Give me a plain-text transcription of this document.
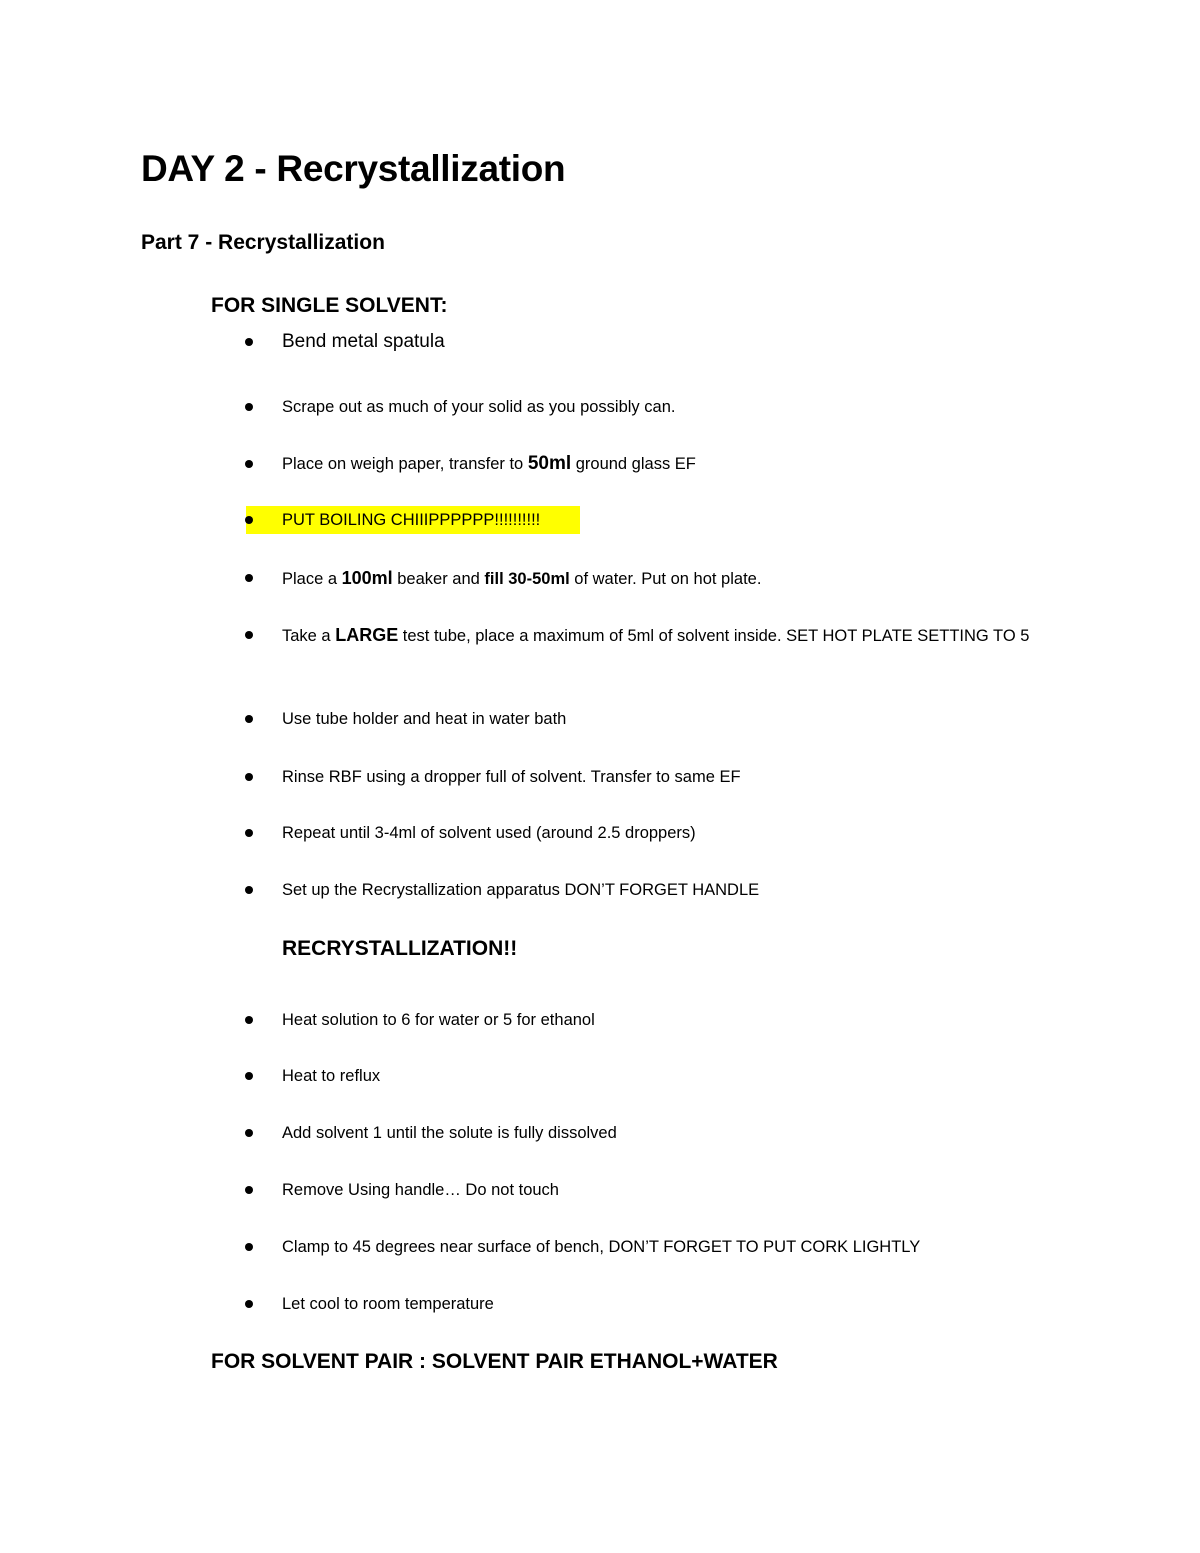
DAY 2 - Recrystallization
Part 7 - Recrystallization
FOR SINGLE SOLVENT:
Bend metal spatula
Scrape out as much of your solid as you possibly can.
Place on weigh paper, transfer to 50ml ground glass EF
PUT BOILING CHIIIPPPPPP!!!!!!!!!!
Place a 100ml beaker and fill 30-50ml of water. Put on hot plate.
Take a LARGE test tube, place a maximum of 5ml of solvent inside. SET HOT PLATE SETTING TO 5
Use tube holder and heat in water bath
Rinse RBF using a dropper full of solvent. Transfer to same EF
Repeat until 3-4ml of solvent used (around 2.5 droppers)
Set up the Recrystallization apparatus DON’T FORGET HANDLE
RECRYSTALLIZATION!!
Heat solution to 6 for water or 5 for ethanol
Heat to reflux
Add solvent 1 until the solute is fully dissolved
Remove Using handle… Do not touch
Clamp to 45 degrees near surface of bench, DON’T FORGET TO PUT CORK LIGHTLY
Let cool to room temperature
FOR SOLVENT PAIR : SOLVENT PAIR ETHANOL+WATER
